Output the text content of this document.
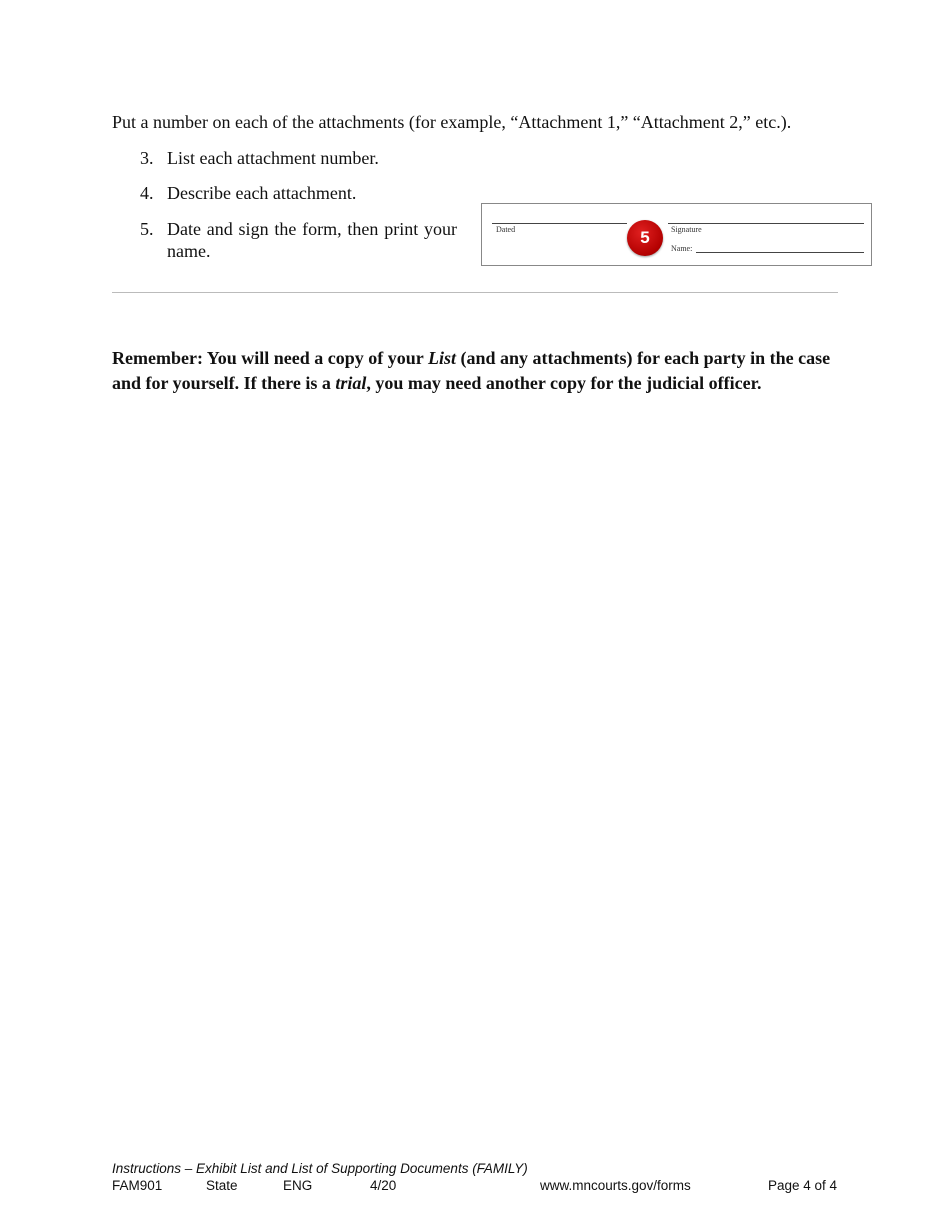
Put a number on each of the attachments (for example, “Attachment 1,” “Attachment 2,” etc.).
3. List each attachment number.
4. Describe each attachment.
5. Date and sign the form, then print your name.
Dated	Signature
Name:
5
Remember: You will need a copy of your List (and any attachments) for each party in the case and for yourself. If there is a trial, you may need another copy for the judicial officer.
Instructions – Exhibit List and List of Supporting Documents (FAMILY)
FAM901	State	ENG	4/20	www.mncourts.gov/forms	Page 4 of 4
